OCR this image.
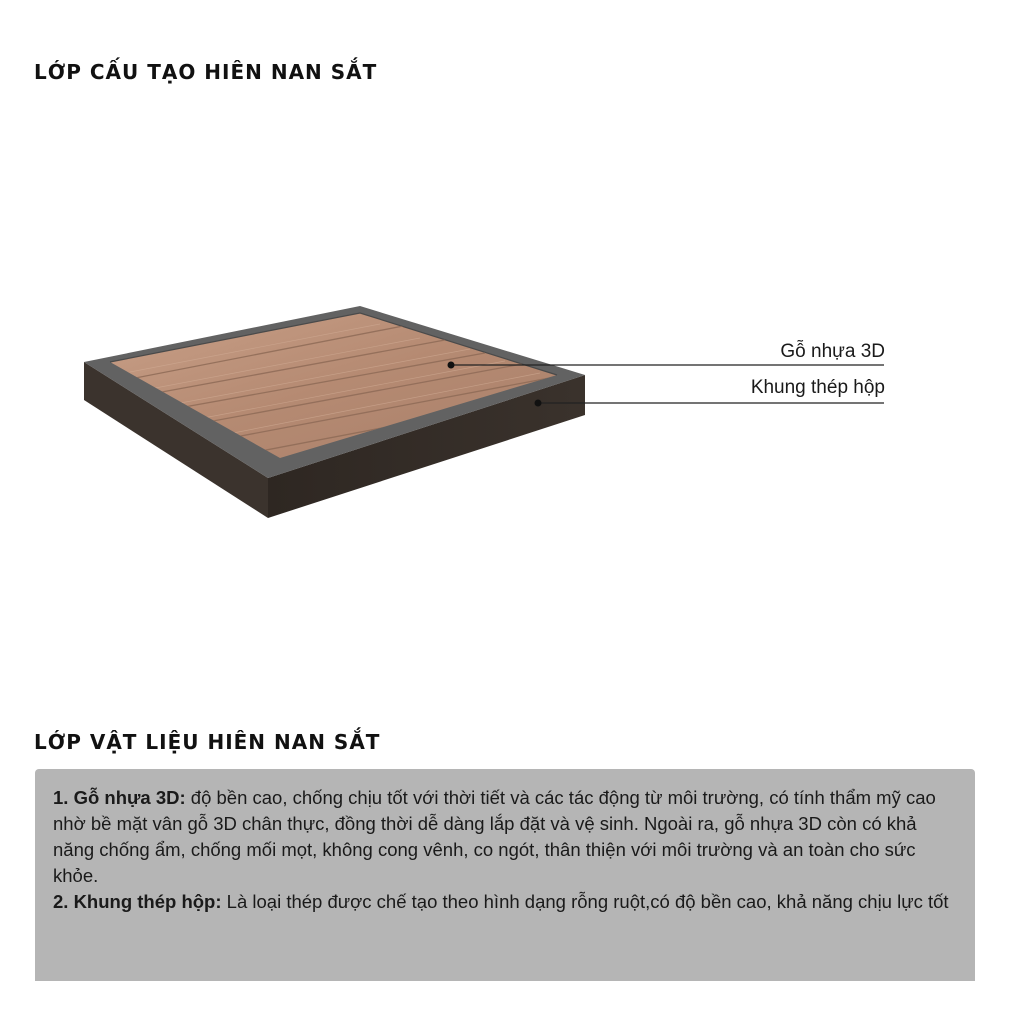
LỚP CẤU TẠO HIÊN NAN SẮT
Gỗ nhựa 3D
Khung thép hộp
LỚP VẬT LIỆU HIÊN NAN SẮT

1. Gỗ nhựa 3D: độ bền cao, chống chịu tốt với thời tiết và các tác động từ môi trường, có tính thẩm mỹ cao nhờ bề mặt vân gỗ 3D chân thực, đồng thời dễ dàng lắp đặt và vệ sinh. Ngoài ra, gỗ nhựa 3D còn có khả năng chống ẩm, chống mối mọt, không cong vênh, co ngót, thân thiện với môi trường và an toàn cho sức khỏe.

2. Khung thép hộp: Là loại thép được chế tạo theo hình dạng rỗng ruột,có độ bền cao, khả năng chịu lực tốt
